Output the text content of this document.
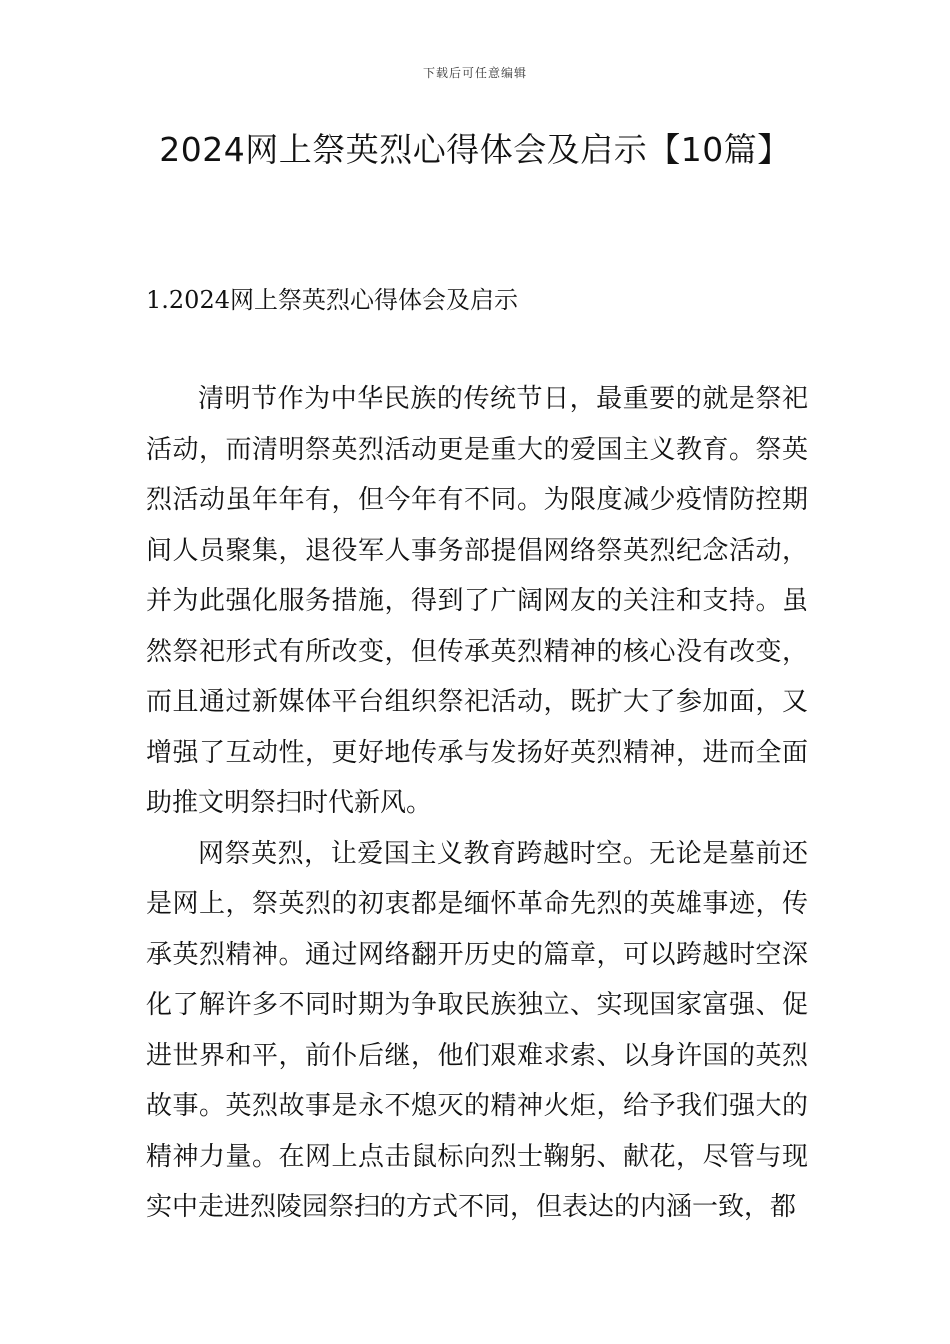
下载后可任意编辑
2024网上祭英烈心得体会及启示【10篇】
1.2024网上祭英烈心得体会及启示

清明节作为中华民族的传统节日，最重要的就是祭祀活动，而清明祭英烈活动更是重大的爱国主义教育。祭英烈活动虽年年有，但今年有不同。为限度减少疫情防控期间人员聚集，退役军人事务部提倡网络祭英烈纪念活动，并为此强化服务措施，得到了广阔网友的关注和支持。虽然祭祀形式有所改变，但传承英烈精神的核心没有改变，而且通过新媒体平台组织祭祀活动，既扩大了参加面，又增强了互动性，更好地传承与发扬好英烈精神，进而全面助推文明祭扫时代新风。

网祭英烈，让爱国主义教育跨越时空。无论是墓前还是网上，祭英烈的初衷都是缅怀革命先烈的英雄事迹，传承英烈精神。通过网络翻开历史的篇章，可以跨越时空深化了解许多不同时期为争取民族独立、实现国家富强、促进世界和平，前仆后继，他们艰难求索、以身许国的英烈故事。英烈故事是永不熄灭的精神火炬，给予我们强大的精神力量。在网上点击鼠标向烈士鞠躬、献花，尽管与现实中走进烈陵园祭扫的方式不同，但表达的内涵一致，都
